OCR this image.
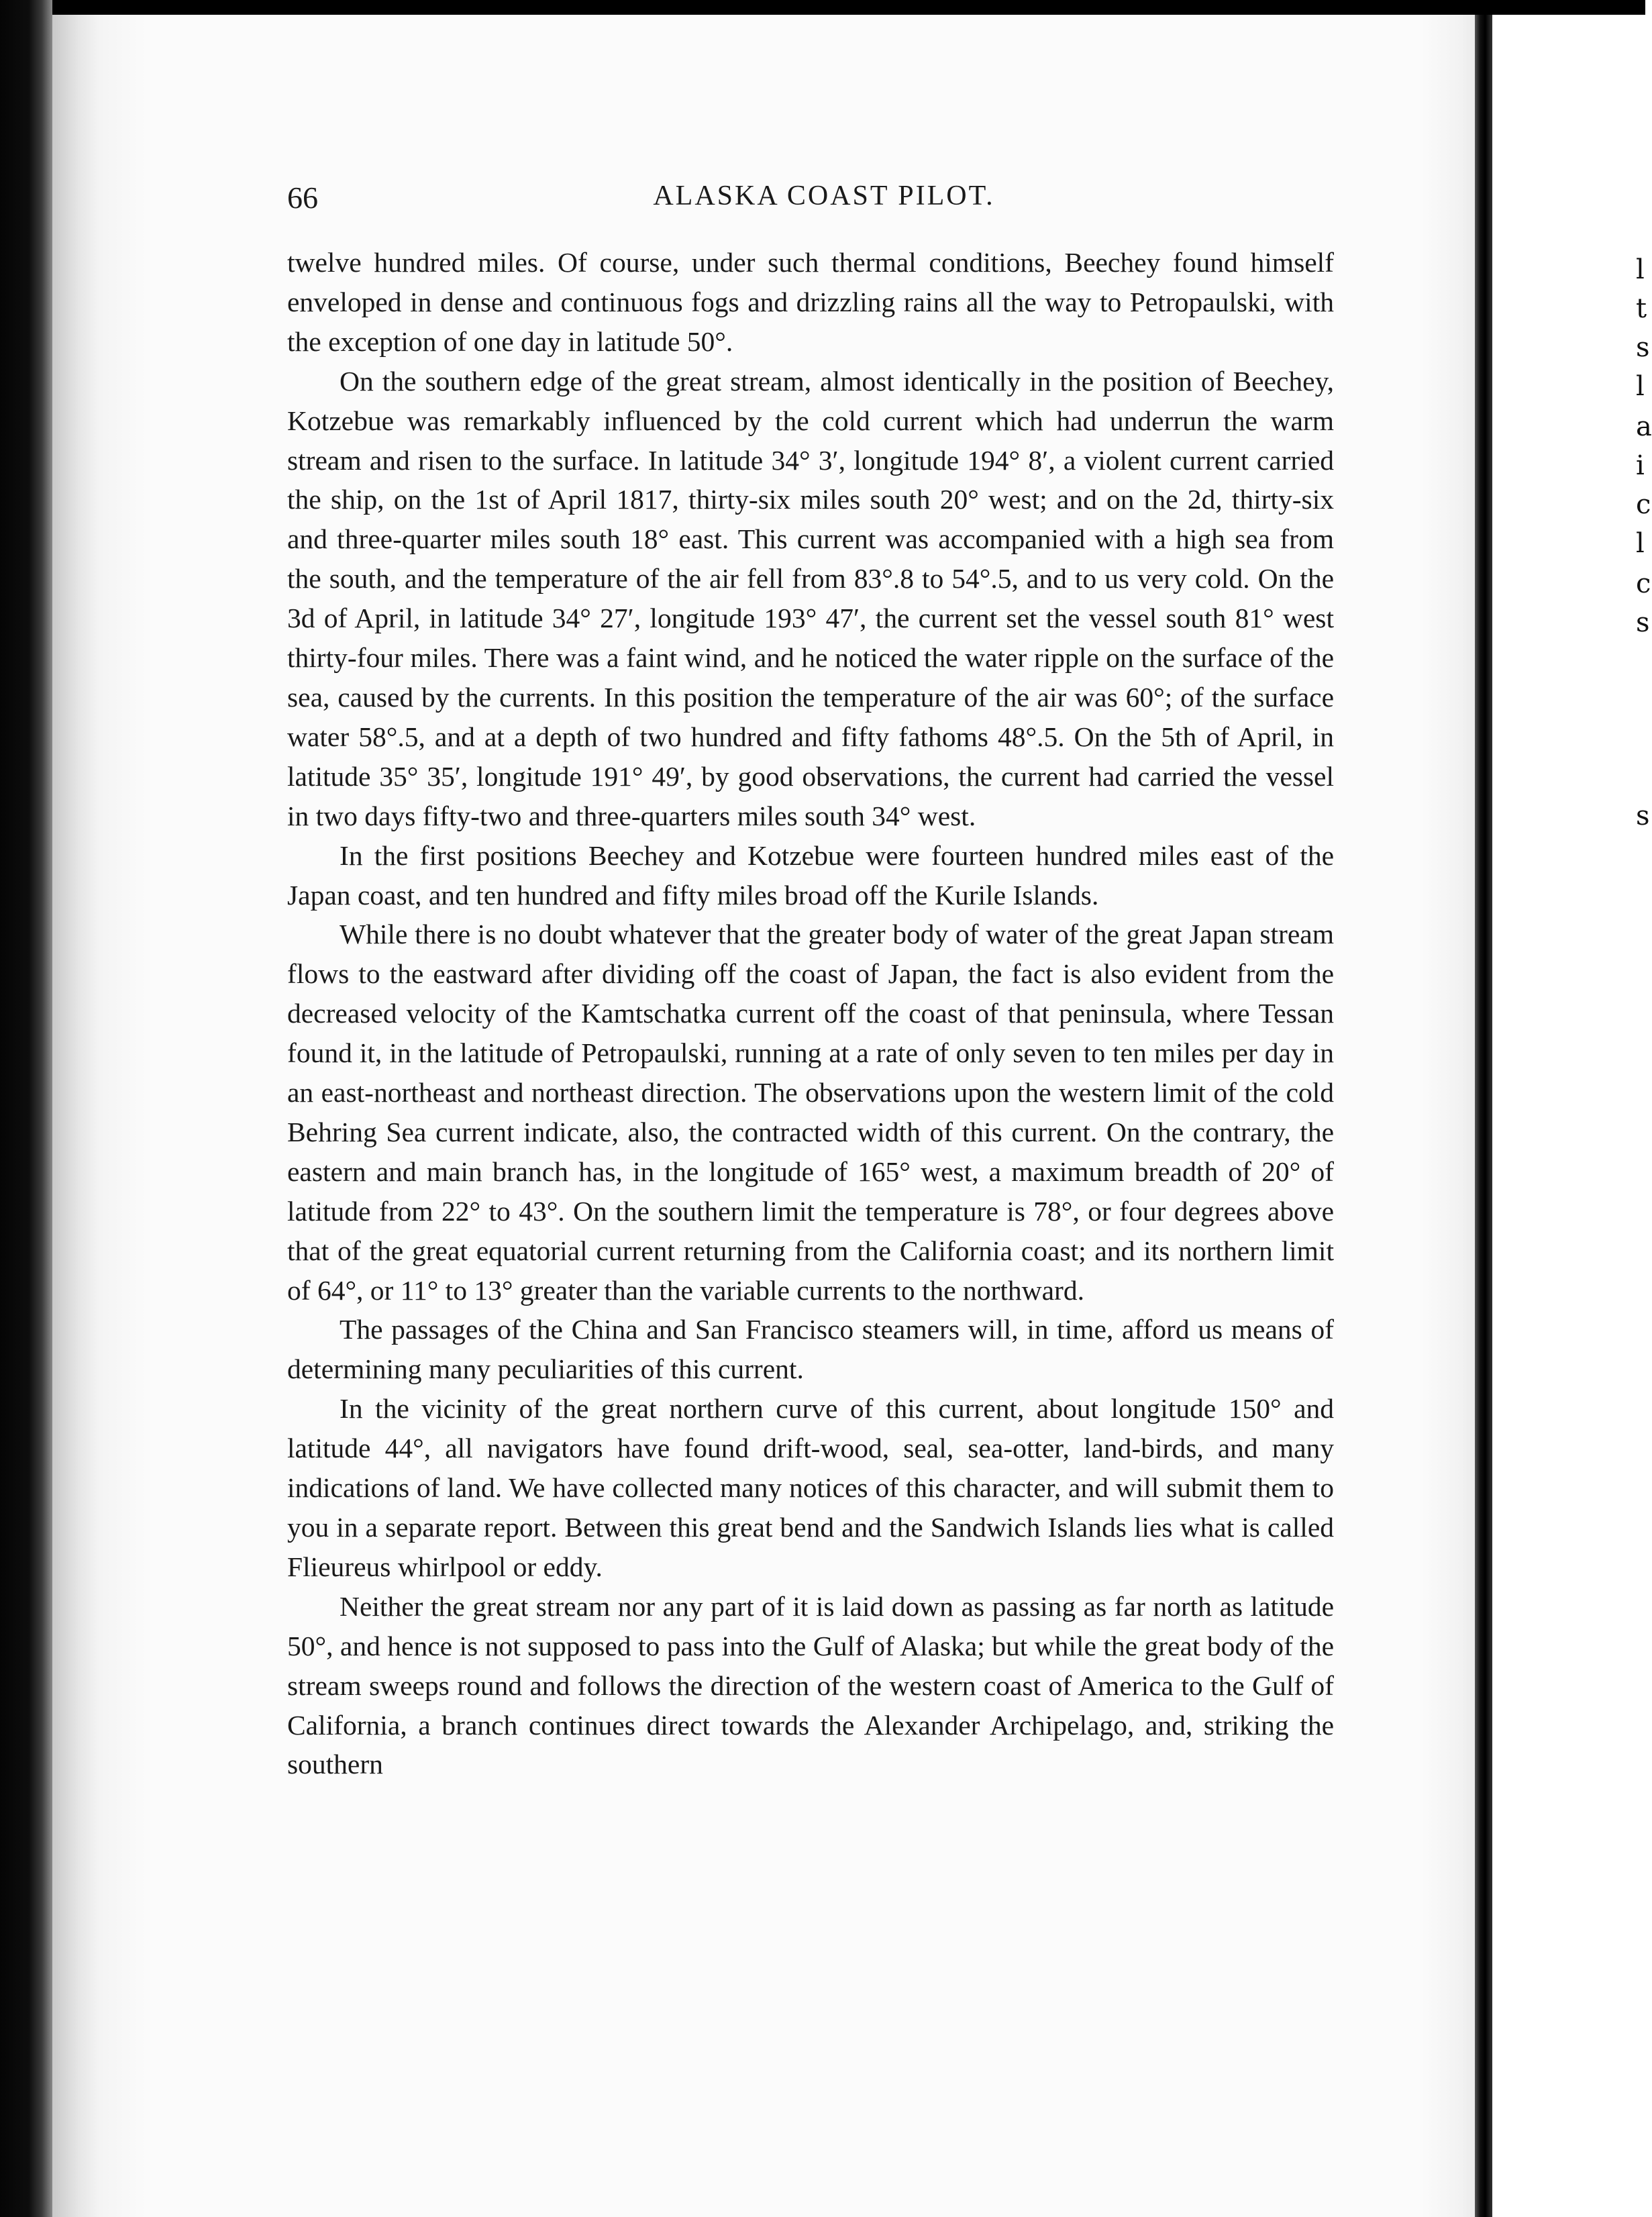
l
t
s
l
a
i
c
l
c
s
s
66	ALASKA COAST PILOT.

twelve hundred miles. Of course, under such thermal conditions, Beechey found himself enveloped in dense and continuous fogs and drizzling rains all the way to Petropaulski, with the exception of one day in latitude 50°.

On the southern edge of the great stream, almost identically in the position of Beechey, Kotzebue was remarkably influenced by the cold current which had underrun the warm stream and risen to the surface. In latitude 34° 3′, longitude 194° 8′, a violent current carried the ship, on the 1st of April 1817, thirty-six miles south 20° west; and on the 2d, thirty-six and three-quarter miles south 18° east. This current was accompanied with a high sea from the south, and the temperature of the air fell from 83°.8 to 54°.5, and to us very cold. On the 3d of April, in latitude 34° 27′, longitude 193° 47′, the current set the vessel south 81° west thirty-four miles. There was a faint wind, and he noticed the water ripple on the surface of the sea, caused by the currents. In this position the temperature of the air was 60°; of the surface water 58°.5, and at a depth of two hundred and fifty fathoms 48°.5. On the 5th of April, in latitude 35° 35′, longitude 191° 49′, by good observations, the current had carried the vessel in two days fifty-two and three-quarters miles south 34° west.

In the first positions Beechey and Kotzebue were fourteen hundred miles east of the Japan coast, and ten hundred and fifty miles broad off the Kurile Islands.

While there is no doubt whatever that the greater body of water of the great Japan stream flows to the eastward after dividing off the coast of Japan, the fact is also evident from the decreased velocity of the Kamtschatka current off the coast of that peninsula, where Tessan found it, in the latitude of Petropaulski, running at a rate of only seven to ten miles per day in an east-northeast and northeast direction. The observations upon the western limit of the cold Behring Sea current indicate, also, the contracted width of this current. On the contrary, the eastern and main branch has, in the longitude of 165° west, a maximum breadth of 20° of latitude from 22° to 43°. On the southern limit the temperature is 78°, or four degrees above that of the great equatorial current returning from the California coast; and its northern limit of 64°, or 11° to 13° greater than the variable currents to the northward.

The passages of the China and San Francisco steamers will, in time, afford us means of determining many peculiarities of this current.

In the vicinity of the great northern curve of this current, about longitude 150° and latitude 44°, all navigators have found drift-wood, seal, sea-otter, land-birds, and many indications of land. We have collected many notices of this character, and will submit them to you in a separate report. Between this great bend and the Sandwich Islands lies what is called Flieureus whirlpool or eddy.

Neither the great stream nor any part of it is laid down as passing as far north as latitude 50°, and hence is not supposed to pass into the Gulf of Alaska; but while the great body of the stream sweeps round and follows the direction of the western coast of America to the Gulf of California, a branch continues direct towards the Alexander Archipelago, and, striking the southern
